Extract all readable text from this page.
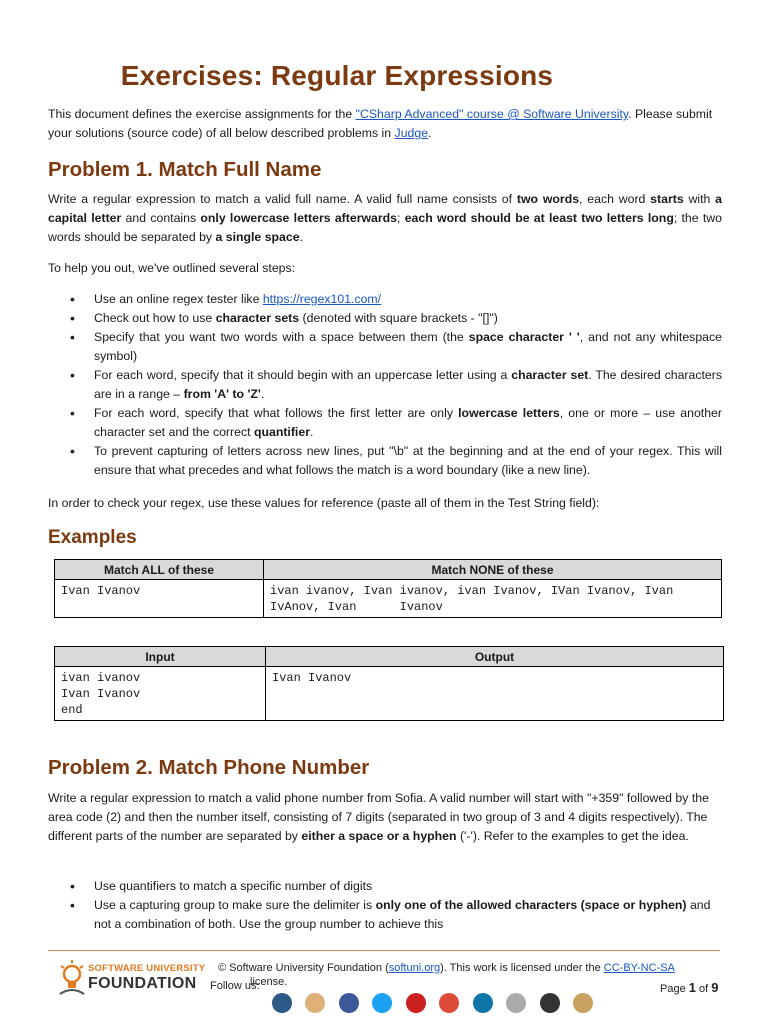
Exercises: Regular Expressions
This document defines the exercise assignments for the "CSharp Advanced" course @ Software University. Please submit your solutions (source code) of all below described problems in Judge.
Problem 1. Match Full Name
Write a regular expression to match a valid full name. A valid full name consists of two words, each word starts with a capital letter and contains only lowercase letters afterwards; each word should be at least two letters long; the two words should be separated by a single space.
To help you out, we've outlined several steps:
• Use an online regex tester like https://regex101.com/
• Check out how to use character sets (denoted with square brackets - "[]")
• Specify that you want two words with a space between them (the space character ' ', and not any whitespace symbol)
• For each word, specify that it should begin with an uppercase letter using a character set. The desired characters are in a range – from 'A' to 'Z'.
• For each word, specify that what follows the first letter are only lowercase letters, one or more – use another character set and the correct quantifier.
• To prevent capturing of letters across new lines, put "\b" at the beginning and at the end of your regex. This will ensure that what precedes and what follows the match is a word boundary (like a new line).
In order to check your regex, use these values for reference (paste all of them in the Test String field):
Examples
Match ALL of these	Match NONE of these
Ivan Ivanov	ivan ivanov, Ivan ivanov, ivan Ivanov, IVan Ivanov, Ivan
IvAnov, Ivan      Ivanov
Input	Output

ivan ivanov
Ivan Ivanov
end	Ivan Ivanov
Problem 2. Match Phone Number
Write a regular expression to match a valid phone number from Sofia. A valid number will start with "+359" followed by the area code (2) and then the number itself, consisting of 7 digits (separated in two group of 3 and 4 digits respectively). The different parts of the number are separated by either a space or a hyphen ('-'). Refer to the examples to get the idea.
• Use quantifiers to match a specific number of digits
• Use a capturing group to make sure the delimiter is only one of the allowed characters (space or hyphen) and not a combination of both. Use the group number to achieve this
SOFTWARE UNIVERSITY
FOUNDATION
© Software University Foundation (softuni.org). This work is licensed under the CC-BY-NC-SA
license.
Follow us:	Page 1 of 9
